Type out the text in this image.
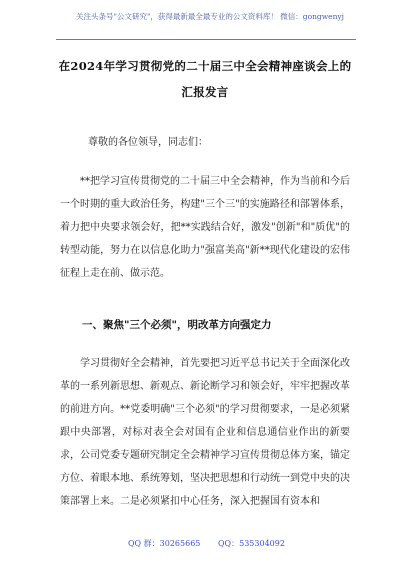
关注头条号"公文研究"，获得最新最全最专业的公文资料库！ 微信：gongwenyj
在2024年学习贯彻党的二十届三中全会精神座谈会上的汇报发言
尊敬的各位领导，同志们：

**把学习宣传贯彻党的二十届三中全会精神，作为当前和今后一个时期的重大政治任务，构建"三个三"的实施路径和部署体系，着力把中央要求领会好，把**实践结合好，激发"创新"和"质优"的转型动能，努力在以信息化助力"强富美高"新**现代化建设的宏伟征程上走在前、做示范。

一、聚焦"三个必须"，明改革方向强定力

学习贯彻好全会精神，首先要把习近平总书记关于全面深化改革的一系列新思想、新观点、新论断学习和领会好，牢牢把握改革的前进方向。**党委明确"三个必须"的学习贯彻要求，一是必须紧跟中央部署，对标对表全会对国有企业和信息通信业作出的新要求，公司党委专题研究制定全会精神学习宣传贯彻总体方案，锚定方位、着眼本地、系统筹划，坚决把思想和行动统一到党中央的决策部署上来。二是必须紧扣中心任务，深入把握国有资本和

QQ 群：30265665 QQ：535304092
